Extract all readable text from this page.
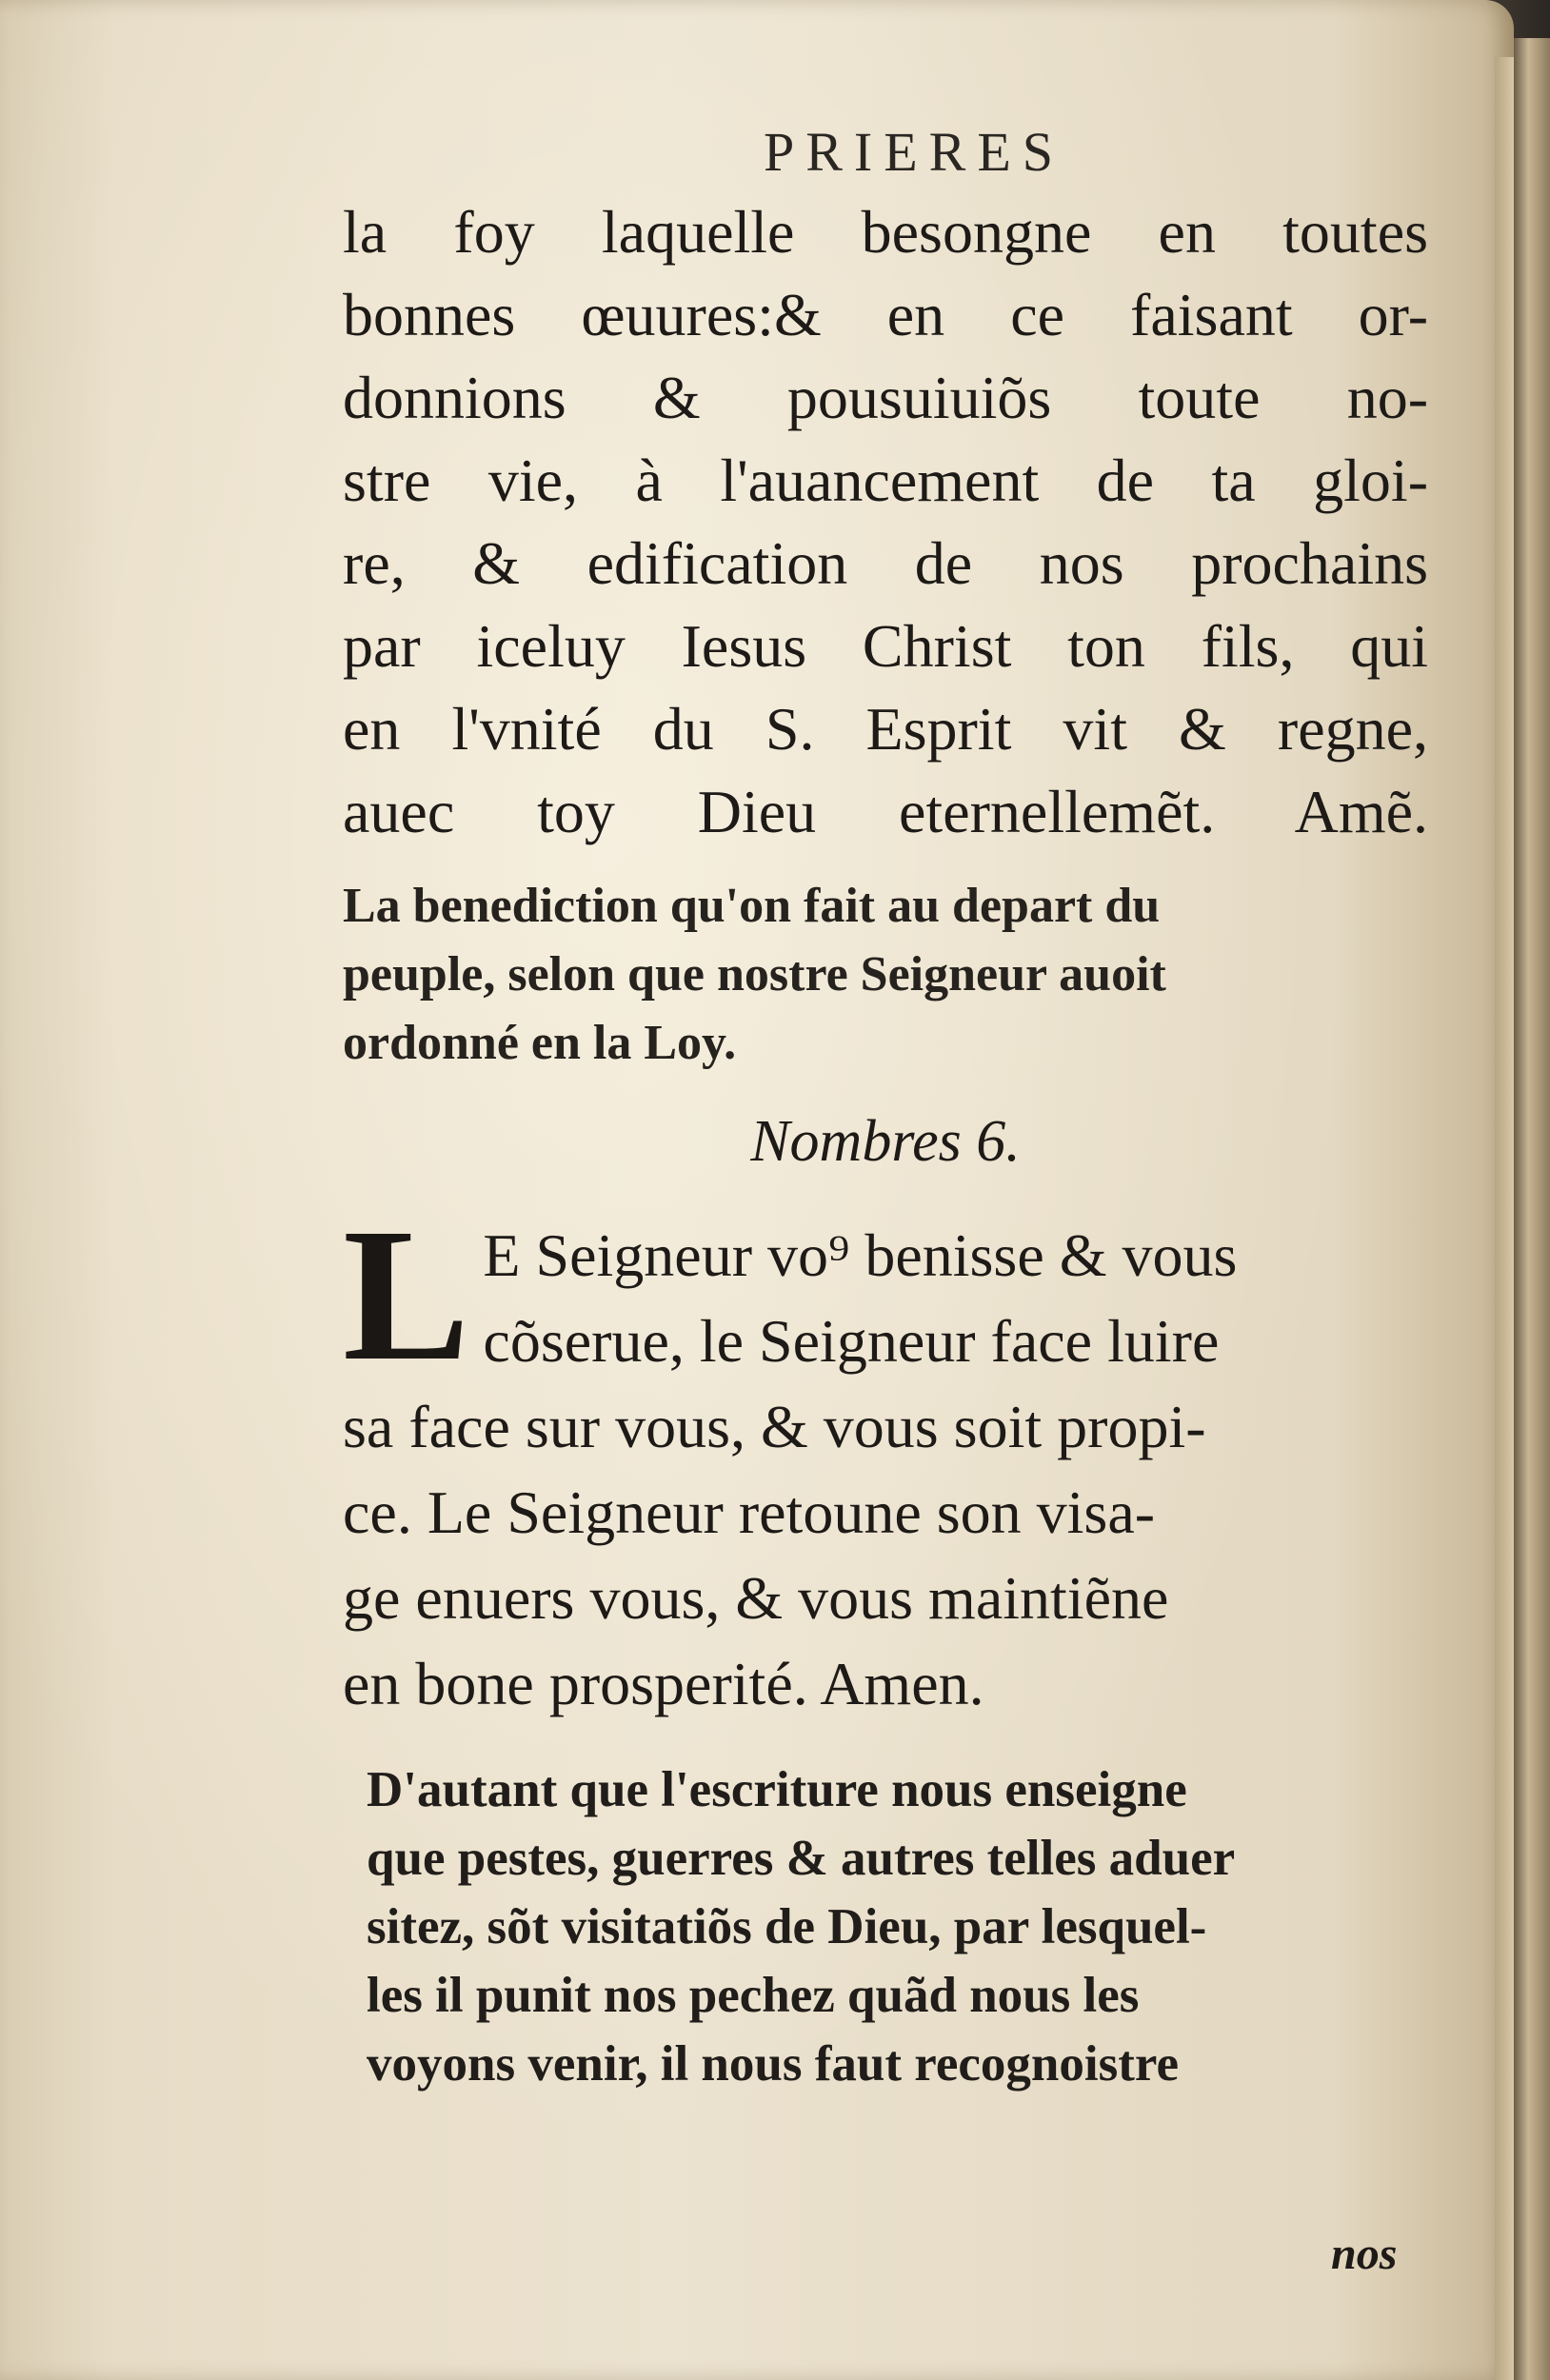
PRIERES

la foy laquelle besongne en toutes
bonnes œuures:& en ce faisant or-
donnions & pousuiuiõs toute no-
stre vie, à l'auancement de ta gloi-
re, & edification de nos prochains
par iceluy Iesus Christ ton fils, qui
en l'vnité du S. Esprit vit & regne,
auec toy Dieu eternellemẽt. Amẽ.

La benediction qu'on fait au depart du
peuple, selon que nostre Seigneur auoit
ordonné en la Loy.
Nombres 6.
L E Seigneur vo⁹ benisse & vous
cõserue, le Seigneur face luire
sa face sur vous, & vous soit propi-
ce. Le Seigneur retoune son visa-
ge enuers vous, & vous maintiẽne
en bone prosperité. Amen.
D'autant que l'escriture nous enseigne
que pestes, guerres & autres telles aduer
sitez, sõt visitatiõs de Dieu, par lesquel-
les il punit nos pechez quãd nous les
voyons venir, il nous faut recognoistre
nos
